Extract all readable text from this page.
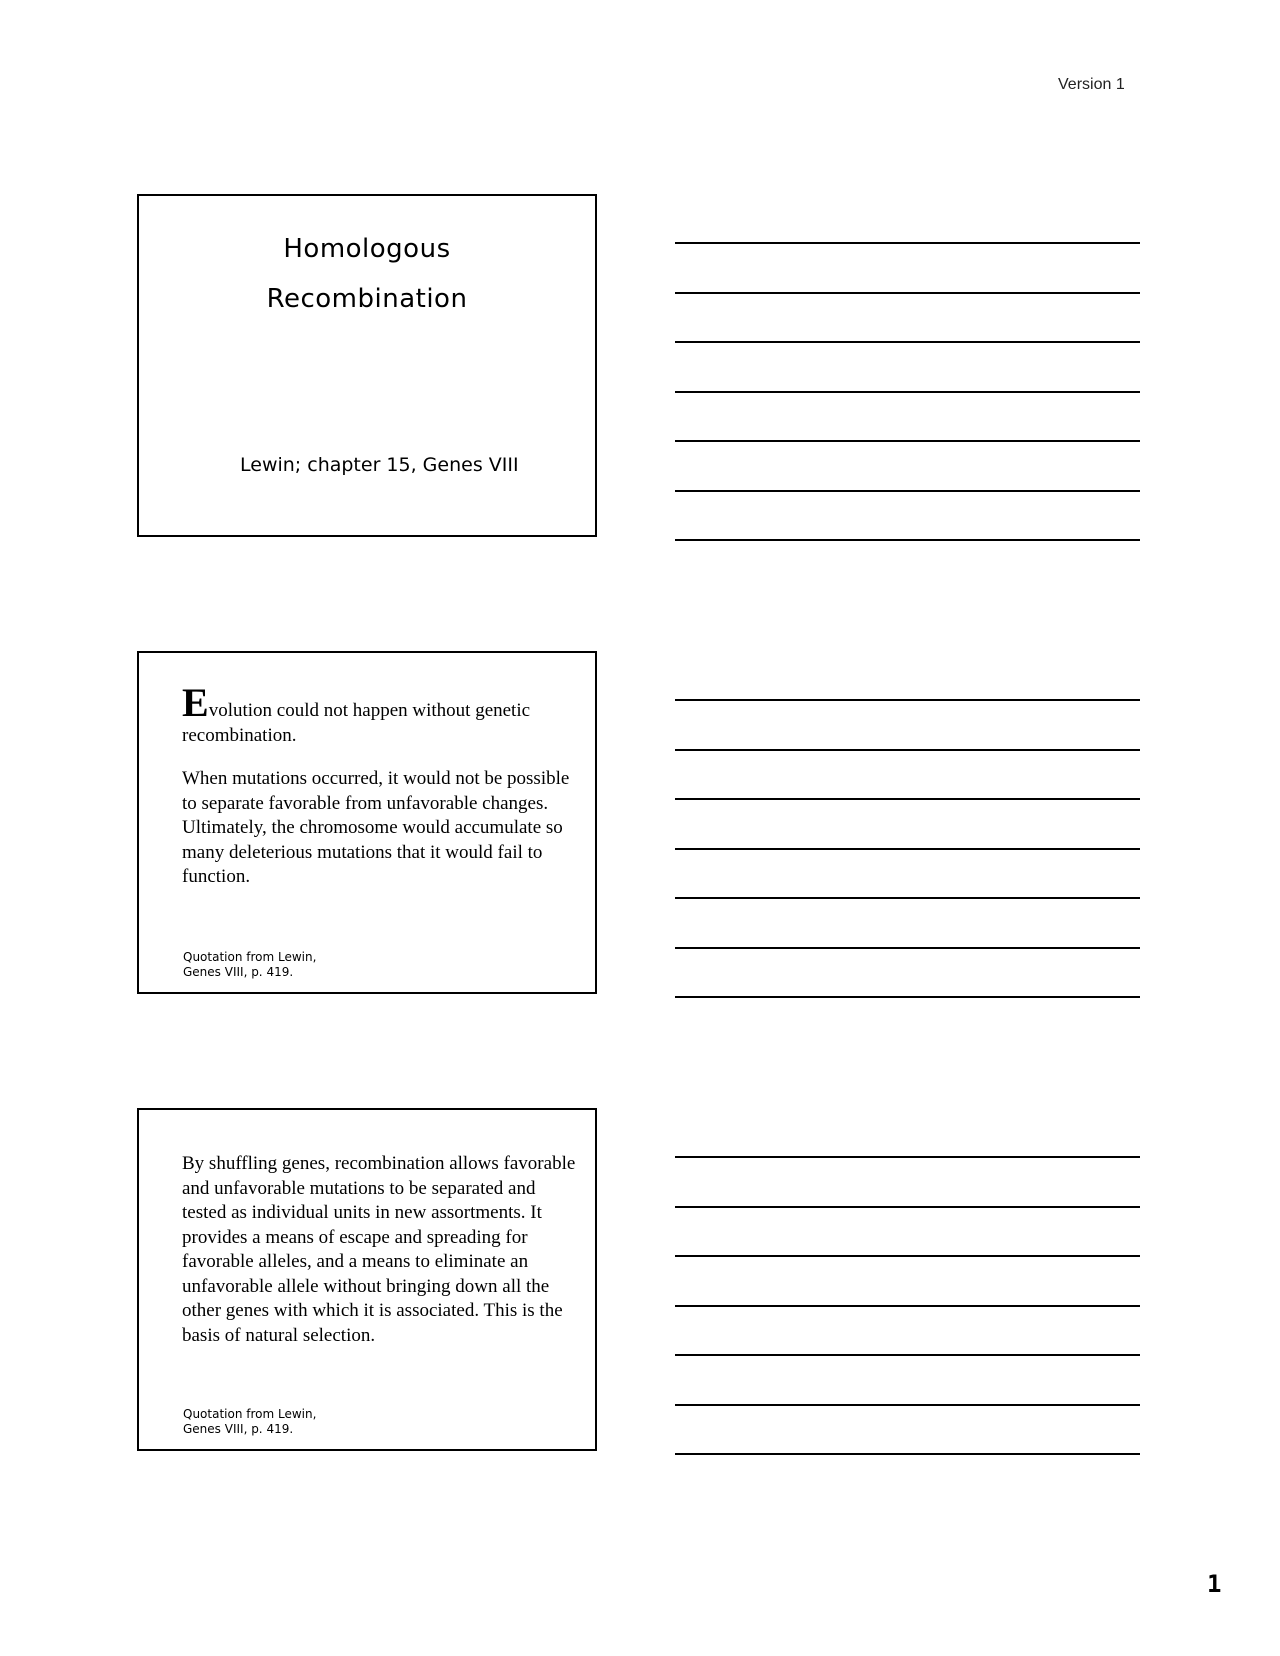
Version 1
Homologous
Recombination
Lewin; chapter 15, Genes VIII
Evolution could not happen without genetic recombination.
When mutations occurred, it would not be possible to separate favorable from unfavorable changes. Ultimately, the chromosome would accumulate so many deleterious mutations that it would fail to function.
Quotation from Lewin,
Genes VIII, p. 419.
By shuffling genes, recombination allows favorable and unfavorable mutations to be separated and tested as individual units in new assortments. It provides a means of escape and spreading for favorable alleles, and a means to eliminate an unfavorable allele without bringing down all the other genes with which it is associated. This is the basis of natural selection.
Quotation from Lewin,
Genes VIII, p. 419.
1
